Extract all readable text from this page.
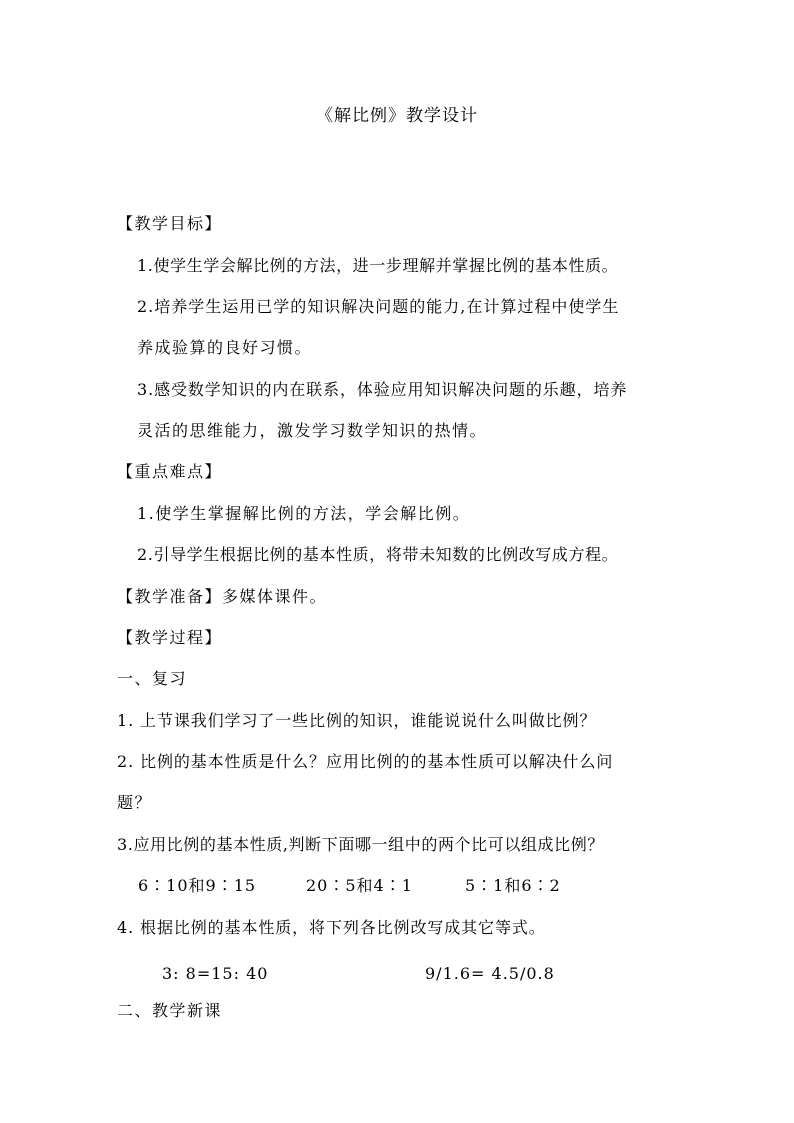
《解比例》教学设计
【教学目标】
1.使学生学会解比例的方法，进一步理解并掌握比例的基本性质。
2.培养学生运用已学的知识解决问题的能力,在计算过程中使学生
养成验算的良好习惯。
3.感受数学知识的内在联系，体验应用知识解决问题的乐趣，培养
灵活的思维能力，激发学习数学知识的热情。
【重点难点】
1.使学生掌握解比例的方法，学会解比例。
2.引导学生根据比例的基本性质，将带未知数的比例改写成方程。
【教学准备】多媒体课件。
【教学过程】
一、复习
1. 上节课我们学习了一些比例的知识，谁能说说什么叫做比例？
2. 比例的基本性质是什么？应用比例的的基本性质可以解决什么问
题？
3.应用比例的基本性质,判断下面哪一组中的两个比可以组成比例？
6∶10和9∶15	20∶5和4∶1	5∶1和6∶2
4. 根据比例的基本性质，将下列各比例改写成其它等式。
3: 8=15: 40	9/1.6= 4.5/0.8
二、教学新课
